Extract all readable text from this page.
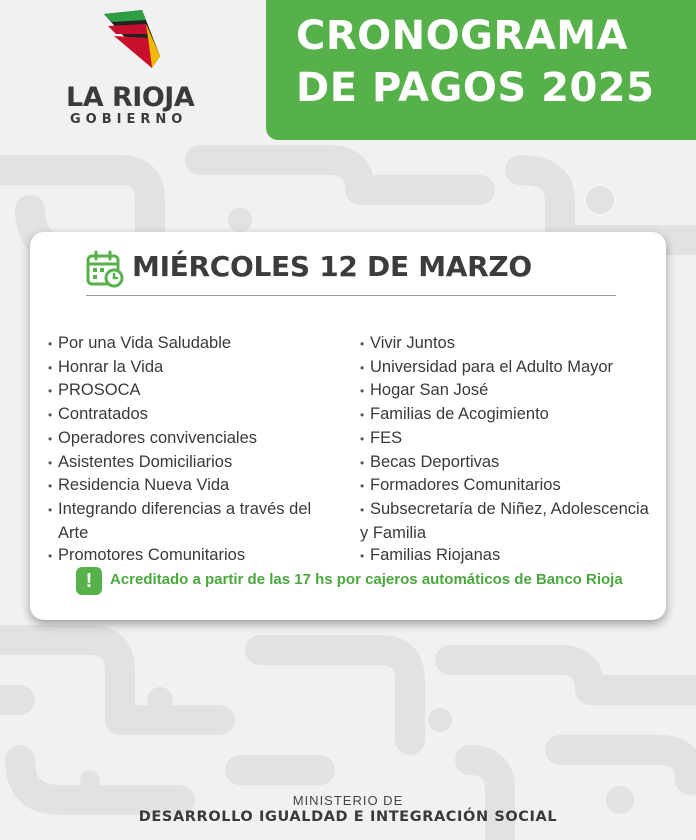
LA RIOJA
GOBIERNO
CRONOGRAMA
DE PAGOS 2025
MIÉRCOLES 12 DE MARZO
• Por una Vida Saludable
• Honrar la Vida
• PROSOCA
• Contratados
• Operadores convivenciales
• Asistentes Domiciliarios
• Residencia Nueva Vida
• Integrando diferencias a través del
Arte
• Promotores Comunitarios
• Vivir Juntos
• Universidad para el Adulto Mayor
• Hogar San José
• Familias de Acogimiento
• FES
• Becas Deportivas
• Formadores Comunitarios
• Subsecretaría de Niñez, Adolescencia
y Familia
• Familias Riojanas
!	Acreditado a partir de las 17 hs por cajeros automáticos de Banco Rioja
MINISTERIO DE
DESARROLLO IGUALDAD E INTEGRACIÓN SOCIAL
